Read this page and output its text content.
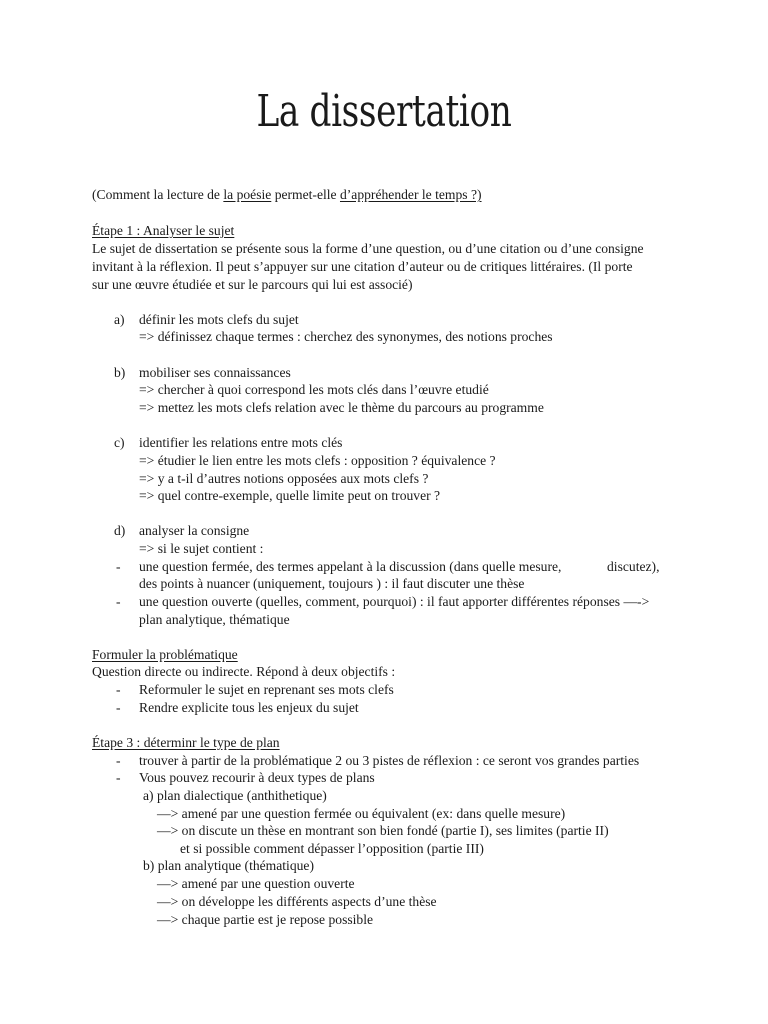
La dissertation
(Comment la lecture de la poésie permet-elle d’appréhender le temps ?)
Étape 1 : Analyser le sujet
Le sujet de dissertation se présente sous la forme d’une question, ou d’une citation ou d’une consigne
invitant à la réflexion. Il peut s’appuyer sur une citation d’auteur ou de critiques littéraires. (Il porte
sur une œuvre étudiée et sur le parcours qui lui est associé)
a) définir les mots clefs du sujet
=> définissez chaque termes : cherchez des synonymes, des notions proches
b) mobiliser ses connaissances
=> chercher à quoi correspond les mots clés dans l’œuvre etudié
=> mettez les mots clefs relation avec le thème du parcours au programme
c) identifier les relations entre mots clés
=> étudier le lien entre les mots clefs : opposition ? équivalence ?
=> y a t-il d’autres notions opposées aux mots clefs ?
=> quel contre-exemple, quelle limite peut on trouver ?
d) analyser la consigne
=> si le sujet contient :
- une question fermée, des termes appelant à la discussion (dans quelle mesure,	discutez),
des points à nuancer (uniquement, toujours ) : il faut discuter une thèse
- une question ouverte (quelles, comment, pourquoi) : il faut apporter différentes réponses —->
plan analytique, thématique
Formuler la problématique
Question directe ou indirecte. Répond à deux objectifs :
- Reformuler le sujet en reprenant ses mots clefs
- Rendre explicite tous les enjeux du sujet
Étape 3 : déterminr le type de plan
- trouver à partir de la problématique 2 ou 3 pistes de réflexion : ce seront vos grandes parties
- Vous pouvez recourir à deux types de plans
a) plan dialectique (anthithetique)
—> amené par une question fermée ou équivalent (ex: dans quelle mesure)
—> on discute un thèse en montrant son bien fondé (partie I), ses limites (partie II)
et si possible comment dépasser l’opposition (partie III)
b) plan analytique (thématique)
—> amené par une question ouverte
—> on développe les différents aspects d’une thèse
—> chaque partie est je repose possible
